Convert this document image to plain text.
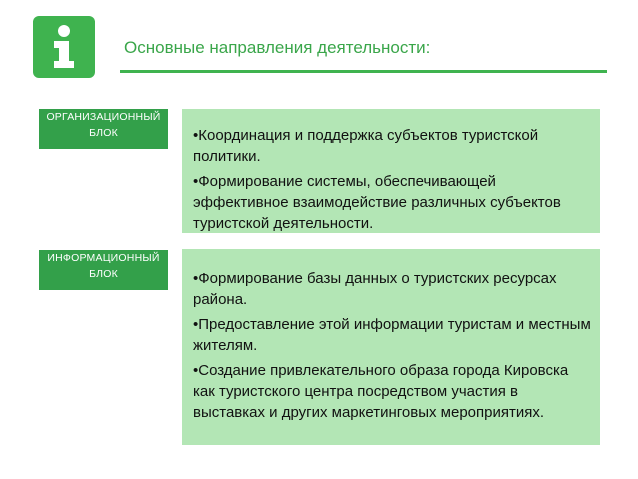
Основные направления деятельности:
ОРГАНИЗАЦИОННЫЙ
БЛОК	•Координация и поддержка субъектов туристской политики.

•Формирование системы, обеспечивающей эффективное взаимодействие различных субъектов туристской деятельности.

ИНФОРМАЦИОННЫЙ
БЛОК	•Формирование базы данных о туристских ресурсах района.

•Предоставление этой информации туристам и местным жителям.

•Создание привлекательного образа города Кировска как туристского центра посредством участия в выставках и других маркетинговых мероприятиях.
